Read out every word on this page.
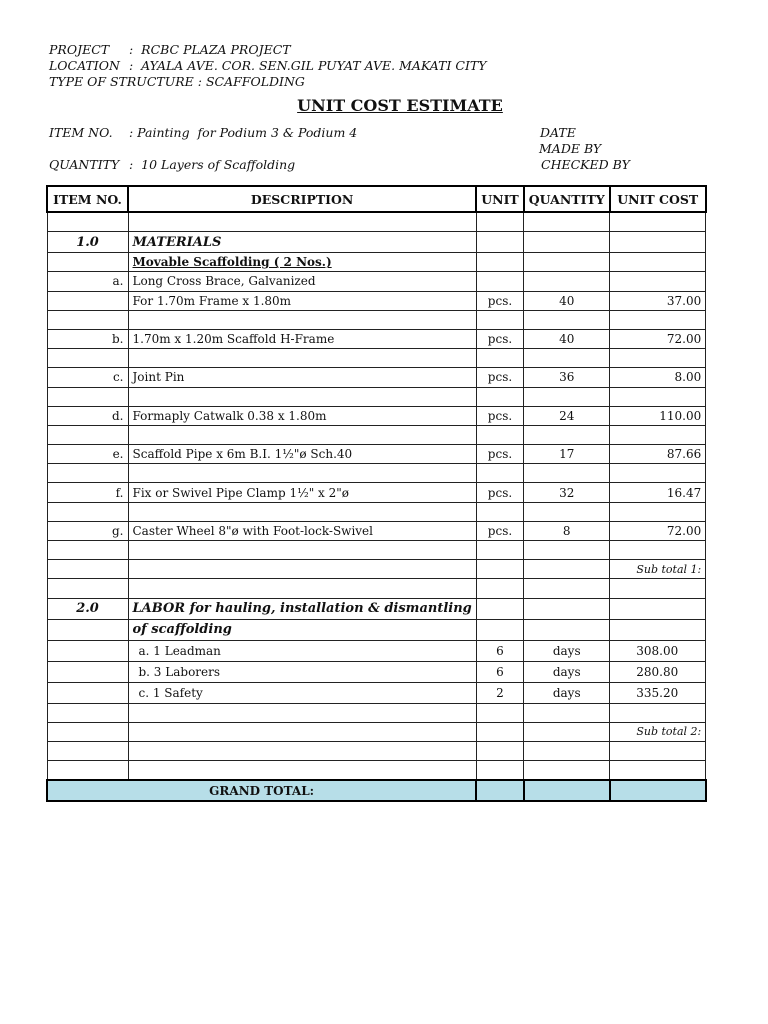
PROJECT :  RCBC PLAZA PROJECT
LOCATION :  AYALA AVE. COR. SEN.GIL PUYAT AVE. MAKATI CITY
TYPE OF STRUCTURE : SCAFFOLDING
UNIT COST ESTIMATE
ITEM NO. : Painting  for Podium 3 & Podium 4
QUANTITY :  10 Layers of Scaffolding
DATE
MADE BY
CHECKED BY
ITEM NO.	DESCRIPTION	UNIT	QUANTITY	UNIT COST

1.0	MATERIALS			
	Movable Scaffolding ( 2 Nos.)			
a.	Long Cross Brace, Galvanized			
	For 1.70m Frame x 1.80m	pcs.	40	37.00

b.	1.70m x 1.20m Scaffold H-Frame	pcs.	40	72.00

c.	Joint Pin	pcs.	36	8.00

d.	Formaply Catwalk 0.38 x 1.80m	pcs.	24	110.00

e.	Scaffold Pipe x 6m B.I. 1½"ø Sch.40	pcs.	17	87.66

f.	Fix or Swivel Pipe Clamp 1½" x 2"ø	pcs.	32	16.47

g.	Caster Wheel 8"ø with Foot-lock-Swivel	pcs.	8	72.00

				Sub total 1:

2.0	LABOR for hauling, installation & dismantling			
	of scaffolding			
	a. 1 Leadman	6	days	308.00
	b. 3 Laborers	6	days	280.80
	c. 1 Safety	2	days	335.20

				Sub total 2:

GRAND TOTAL:				
